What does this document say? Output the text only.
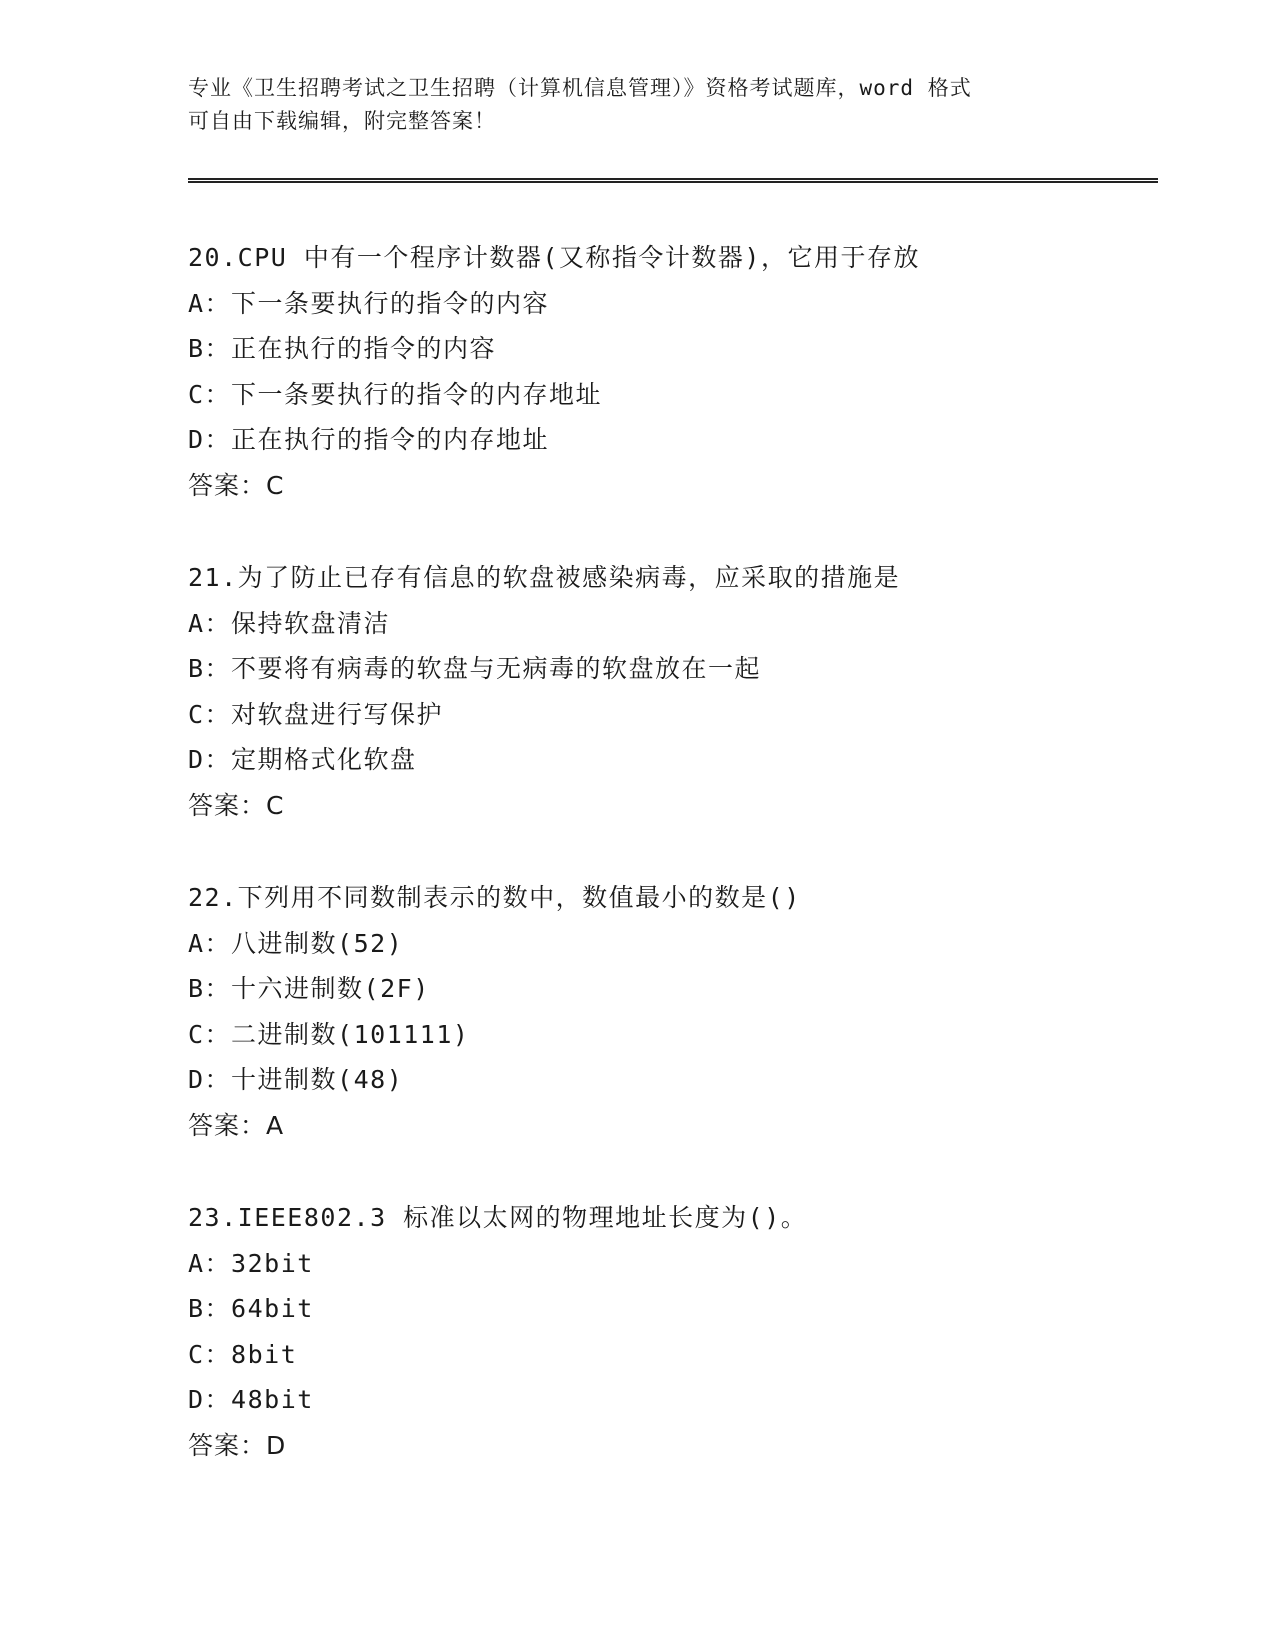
专业《卫生招聘考试之卫生招聘（计算机信息管理）》资格考试题库，word 格式
可自由下载编辑，附完整答案！
20.CPU 中有一个程序计数器(又称指令计数器)，它用于存放
A：下一条要执行的指令的内容
B：正在执行的指令的内容
C：下一条要执行的指令的内存地址
D：正在执行的指令的内存地址
答案：C
21.为了防止已存有信息的软盘被感染病毒，应采取的措施是
A：保持软盘清洁
B：不要将有病毒的软盘与无病毒的软盘放在一起
C：对软盘进行写保护
D：定期格式化软盘
答案：C
22.下列用不同数制表示的数中，数值最小的数是()
A：八进制数(52)
B：十六进制数(2F)
C：二进制数(101111)
D：十进制数(48)
答案：A
23.IEEE802.3 标准以太网的物理地址长度为()。
A：32bit
B：64bit
C：8bit
D：48bit
答案：D
